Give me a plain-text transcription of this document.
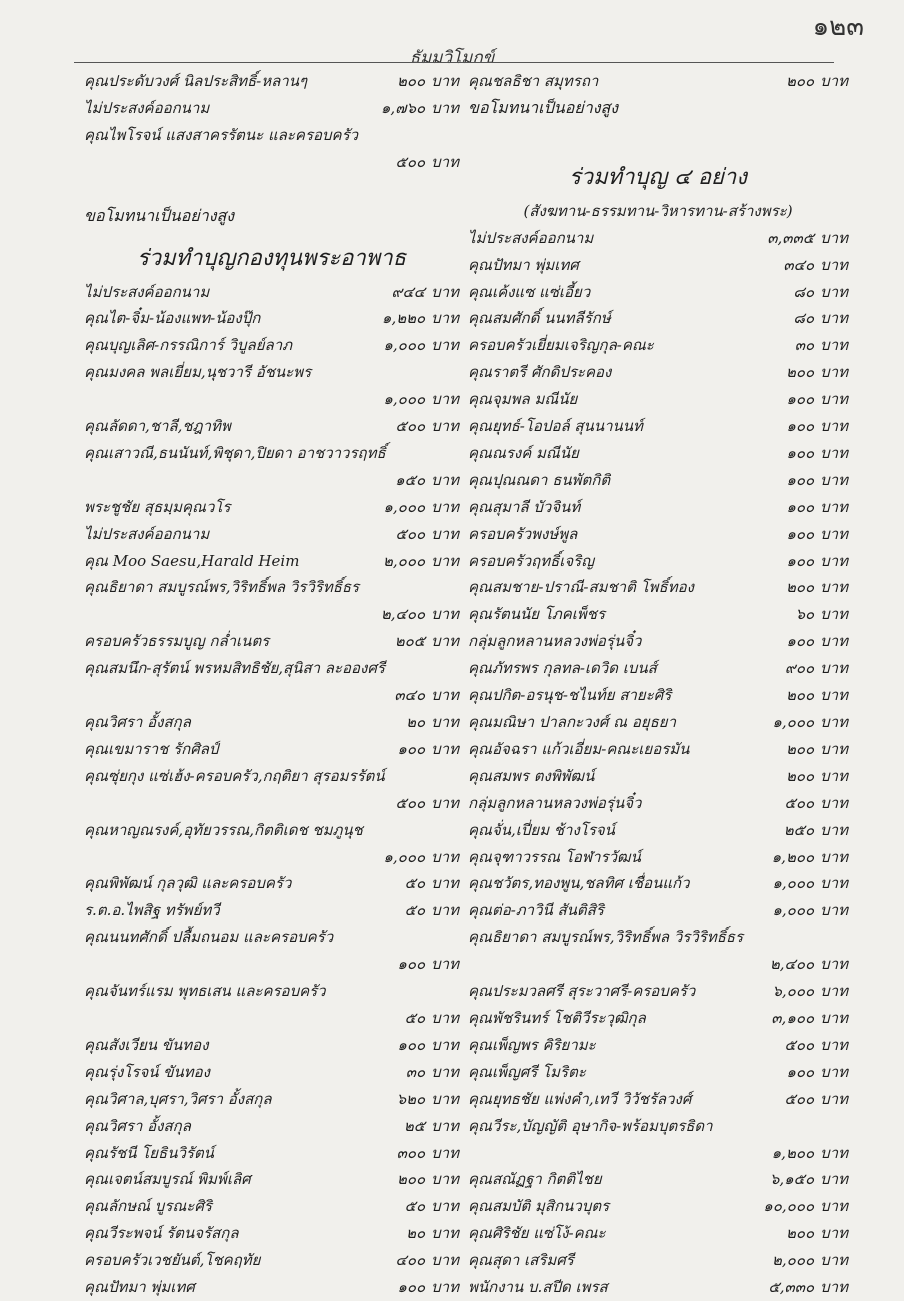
๑๒๓
ธัมมวิโมกข์
คุณประดับวงศ์ นิลประสิทธิ์-หลานๆ	๒๐๐ บาท
ไม่ประสงค์ออกนาม	๑,๗๖๐ บาท
คุณไพโรจน์ แสงสาครรัตนะ และครอบครัว
๕๐๐ บาท
ขอโมทนาเป็นอย่างสูง
ร่วมทำบุญกองทุนพระอาพาธ
ไม่ประสงค์ออกนาม	๙๔๔ บาท
คุณไต-จิ๋ม-น้องแพท-น้องปุ๊ก	๑,๒๒๐ บาท
คุณบุญเลิศ-กรรณิการ์ วิบูลย์ลาภ	๑,๐๐๐ บาท
คุณมงคล พลเยี่ยม,นุชวารี อัชนะพร
๑,๐๐๐ บาท
คุณลัดดา,ชาลี,ชฎาทิพ	๕๐๐ บาท
คุณเสาวณี,ธนนันท์,พิชุดา,ปิยดา อาชวาวรฤทธิ์
๑๕๐ บาท
พระชูชัย สุธมฺมคุณวโร	๑,๐๐๐ บาท
ไม่ประสงค์ออกนาม	๕๐๐ บาท
คุณ Moo Saesu,Harald Heim	๒,๐๐๐ บาท
คุณธิยาดา สมบูรณ์พร,วิริทธิ์พล วิรวิริทธิ์ธร
๒,๔๐๐ บาท
ครอบครัวธรรมบูญ กล่ำเนตร	๒๐๕ บาท
คุณสมนึก-สุรัตน์ พรหมสิทธิชัย,สุนิสา ละอองศรี
๓๔๐ บาท
คุณวิศรา อั้งสกุล	๒๐ บาท
คุณเขมาราช รักศิลป์	๑๐๐ บาท
คุณซุ่ยกุง แซ่เฮ้ง-ครอบครัว,กฤติยา สุรอมรรัตน์
๕๐๐ บาท
คุณหาญณรงค์,อุทัยวรรณ,กิตติเดช ชมภูนุช
๑,๐๐๐ บาท
คุณพิพัฒน์ กุลวุฒิ และครอบครัว	๕๐ บาท
ร.ต.อ.ไพสิฐ ทรัพย์ทวี	๕๐ บาท
คุณนนทศักดิ์ ปลื้มถนอม และครอบครัว
๑๐๐ บาท
คุณจันทร์แรม พุทธเสน และครอบครัว
๕๐ บาท
คุณสังเวียน ขันทอง	๑๐๐ บาท
คุณรุ่งโรจน์ ขันทอง	๓๐ บาท
คุณวิศาล,บุศรา,วิศรา อั้งสกุล	๖๒๐ บาท
คุณวิศรา อั้งสกุล	๒๕ บาท
คุณรัชนี โยธินวิรัตน์	๓๐๐ บาท
คุณเจตน์สมบูรณ์ พิมพ์เลิศ	๒๐๐ บาท
คุณลักษณ์ บูรณะศิริ	๕๐ บาท
คุณวีระพจน์ รัตนจรัสกุล	๒๐ บาท
ครอบครัวเวชยันต์,โชคฤทัย	๔๐๐ บาท
คุณปัทมา พุ่มเทศ	๑๐๐ บาท
คุณชลธิชา สมุทรถา	๒๐๐ บาท
ขอโมทนาเป็นอย่างสูง
ร่วมทำบุญ ๔ อย่าง
(สังฆทาน-ธรรมทาน-วิหารทาน-สร้างพระ)
ไม่ประสงค์ออกนาม	๓,๓๓๕ บาท
คุณปัทมา พุ่มเทศ	๓๔๐ บาท
คุณเค้งแซ แซ่เอี้ยว	๘๐ บาท
คุณสมศักดิ์ นนทลีรักษ์	๘๐ บาท
ครอบครัวเยี่ยมเจริญกุล-คณะ	๓๐ บาท
คุณราตรี ศักดิประคอง	๒๐๐ บาท
คุณจุมพล มณีนัย	๑๐๐ บาท
คุณยุทธ์-โอปอล์ สุนนานนท์	๑๐๐ บาท
คุณณรงค์ มณีนัย	๑๐๐ บาท
คุณปุณณดา ธนพัตกิติ	๑๐๐ บาท
คุณสุมาลี บัวจินท์	๑๐๐ บาท
ครอบครัวพงษ์พูล	๑๐๐ บาท
ครอบครัวฤทธิ์เจริญ	๑๐๐ บาท
คุณสมชาย-ปราณี-สมชาติ โพธิ์ทอง	๒๐๐ บาท
คุณรัตนนัย โภคเพ็ชร	๖๐ บาท
กลุ่มลูกหลานหลวงพ่อรุ่นจิ๋ว	๑๐๐ บาท
คุณภัทรพร กุลทล-เดวิด เบนส์	๙๐๐ บาท
คุณปกิต-อรนุช-ชไนท์ย สายะศิริ	๒๐๐ บาท
คุณมณิษา ปาลกะวงศ์ ณ อยุธยา	๑,๐๐๐ บาท
คุณอัจฉรา แก้วเอี่ยม-คณะเยอรมัน	๒๐๐ บาท
คุณสมพร ตงพิพัฒน์	๒๐๐ บาท
กลุ่มลูกหลานหลวงพ่อรุ่นจิ๋ว	๕๐๐ บาท
คุณจั่น,เปี่ยม ช้างโรจน์	๒๕๐ บาท
คุณจุฑาวรรณ โอฬารวัฒน์	๑,๒๐๐ บาท
คุณชวัตร,ทองพูน,ชลทิศ เชื่อนแก้ว	๑,๐๐๐ บาท
คุณต่อ-ภาวินี สันติสิริ	๑,๐๐๐ บาท
คุณธิยาดา สมบูรณ์พร,วิริทธิ์พล วิรวิริทธิ์ธร
๒,๔๐๐ บาท
คุณประมวลศรี สุระวาศรี-ครอบครัว	๖,๐๐๐ บาท
คุณพัชรินทร์ โชติวีระวุฒิกุล	๓,๑๐๐ บาท
คุณเพ็ญพร คิริยามะ	๕๐๐ บาท
คุณเพ็ญศรี โมริตะ	๑๐๐ บาท
คุณยุทธชัย แพ่งคำ,เทวี วิวัชรัลวงศ์	๕๐๐ บาท
คุณวีระ,บัญญัติ อุษากิจ-พร้อมบุตรธิดา
๑,๒๐๐ บาท
คุณสณัฏฐา กิตติไชย	๖,๑๕๐ บาท
คุณสมบัติ มุสิกนวบุตร	๑๐,๐๐๐ บาท
คุณศิริชัย แซ่โง้-คณะ	๒๐๐ บาท
คุณสุดา เสริมศรี	๒,๐๐๐ บาท
พนักงาน บ.สปีด เพรส	๕,๓๓๐ บาท
